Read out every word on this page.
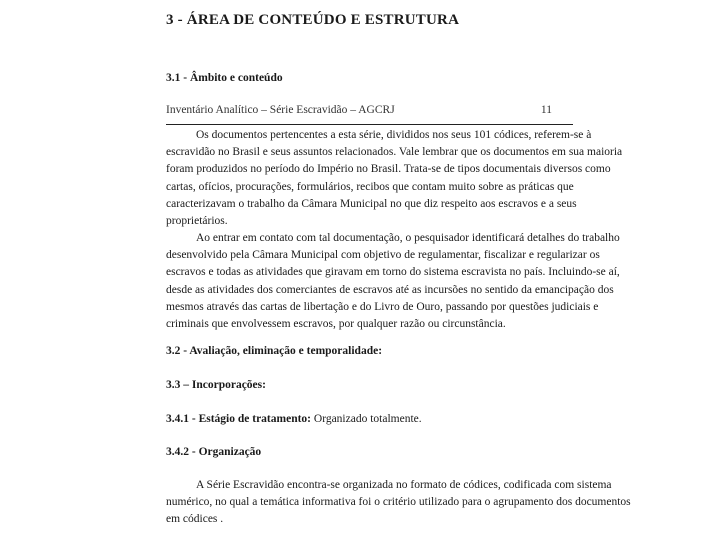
3 - ÁREA DE CONTEÚDO E ESTRUTURA
3.1 - Âmbito e conteúdo
Inventário Analítico – Série Escravidão – AGCRJ	11
Os documentos pertencentes a esta série, divididos nos seus 101 códices, referem-se à
escravidão no Brasil e seus assuntos relacionados. Vale lembrar que os documentos em sua maioria
foram produzidos no período do Império no Brasil. Trata-se de tipos documentais diversos como
cartas, ofícios, procurações, formulários, recibos que contam muito sobre as práticas que
caracterizavam o trabalho da Câmara Municipal no que diz respeito aos escravos e a seus
proprietários.
Ao entrar em contato com tal documentação, o pesquisador identificará detalhes do trabalho
desenvolvido pela Câmara Municipal com objetivo de regulamentar, fiscalizar e regularizar os
escravos e todas as atividades que giravam em torno do sistema escravista no país. Incluindo-se aí,
desde as atividades dos comerciantes de escravos até as incursões no sentido da emancipação dos
mesmos através das cartas de libertação e do Livro de Ouro, passando por questões judiciais e
criminais que envolvessem escravos, por qualquer razão ou circunstância.
3.2 - Avaliação, eliminação e temporalidade:
3.3 – Incorporações:
3.4.1 - Estágio de tratamento: Organizado totalmente.
3.4.2 - Organização
A Série Escravidão encontra-se organizada no formato de códices, codificada com sistema
numérico, no qual a temática informativa foi o critério utilizado para o agrupamento dos documentos
em códices .
